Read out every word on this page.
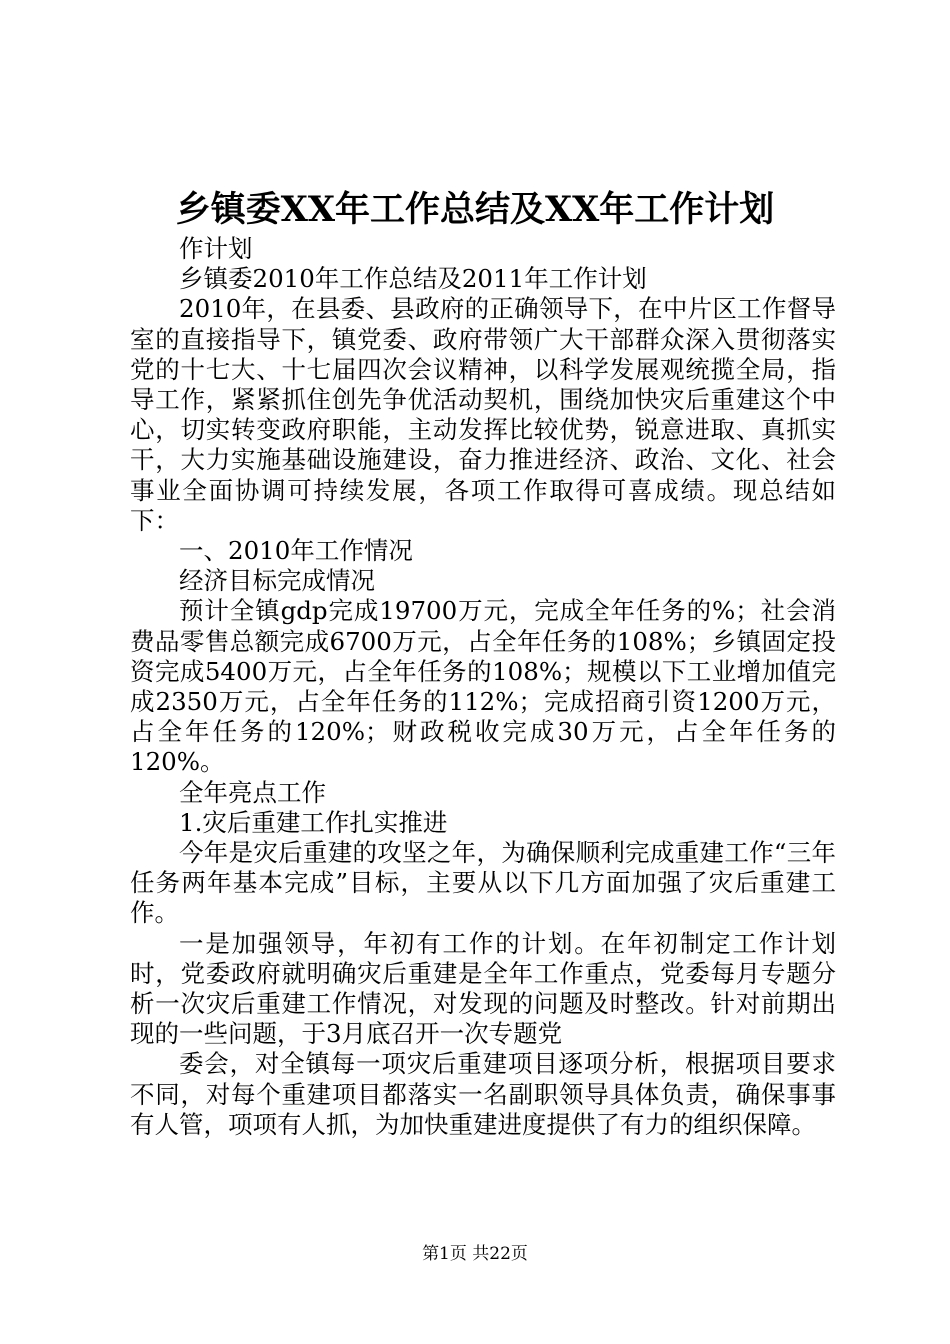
乡镇委XX年工作总结及XX年工作计划

作计划

乡镇委2010年工作总结及2011年工作计划

2010年，在县委、县政府的正确领导下，在中片区工作督导室的直接指导下，镇党委、政府带领广大干部群众深入贯彻落实党的十七大、十七届四次会议精神，以科学发展观统揽全局，指导工作，紧紧抓住创先争优活动契机，围绕加快灾后重建这个中心，切实转变政府职能，主动发挥比较优势，锐意进取、真抓实干，大力实施基础设施建设，奋力推进经济、政治、文化、社会事业全面协调可持续发展，各项工作取得可喜成绩。现总结如下：

一、2010年工作情况

经济目标完成情况

预计全镇gdp完成19700万元，完成全年任务的%；社会消费品零售总额完成6700万元，占全年任务的108%；乡镇固定投资完成5400万元，占全年任务的108%；规模以下工业增加值完成2350万元，占全年任务的112%；完成招商引资1200万元，占全年任务的120%；财政税收完成30万元，占全年任务的120%。

全年亮点工作

1.灾后重建工作扎实推进

今年是灾后重建的攻坚之年，为确保顺利完成重建工作“三年任务两年基本完成”目标，主要从以下几方面加强了灾后重建工作。

一是加强领导，年初有工作的计划。在年初制定工作计划时，党委政府就明确灾后重建是全年工作重点，党委每月专题分析一次灾后重建工作情况，对发现的问题及时整改。针对前期出现的一些问题，于3月底召开一次专题党

委会，对全镇每一项灾后重建项目逐项分析，根据项目要求不同，对每个重建项目都落实一名副职领导具体负责，确保事事有人管，项项有人抓，为加快重建进度提供了有力的组织保障。

第1页 共22页
